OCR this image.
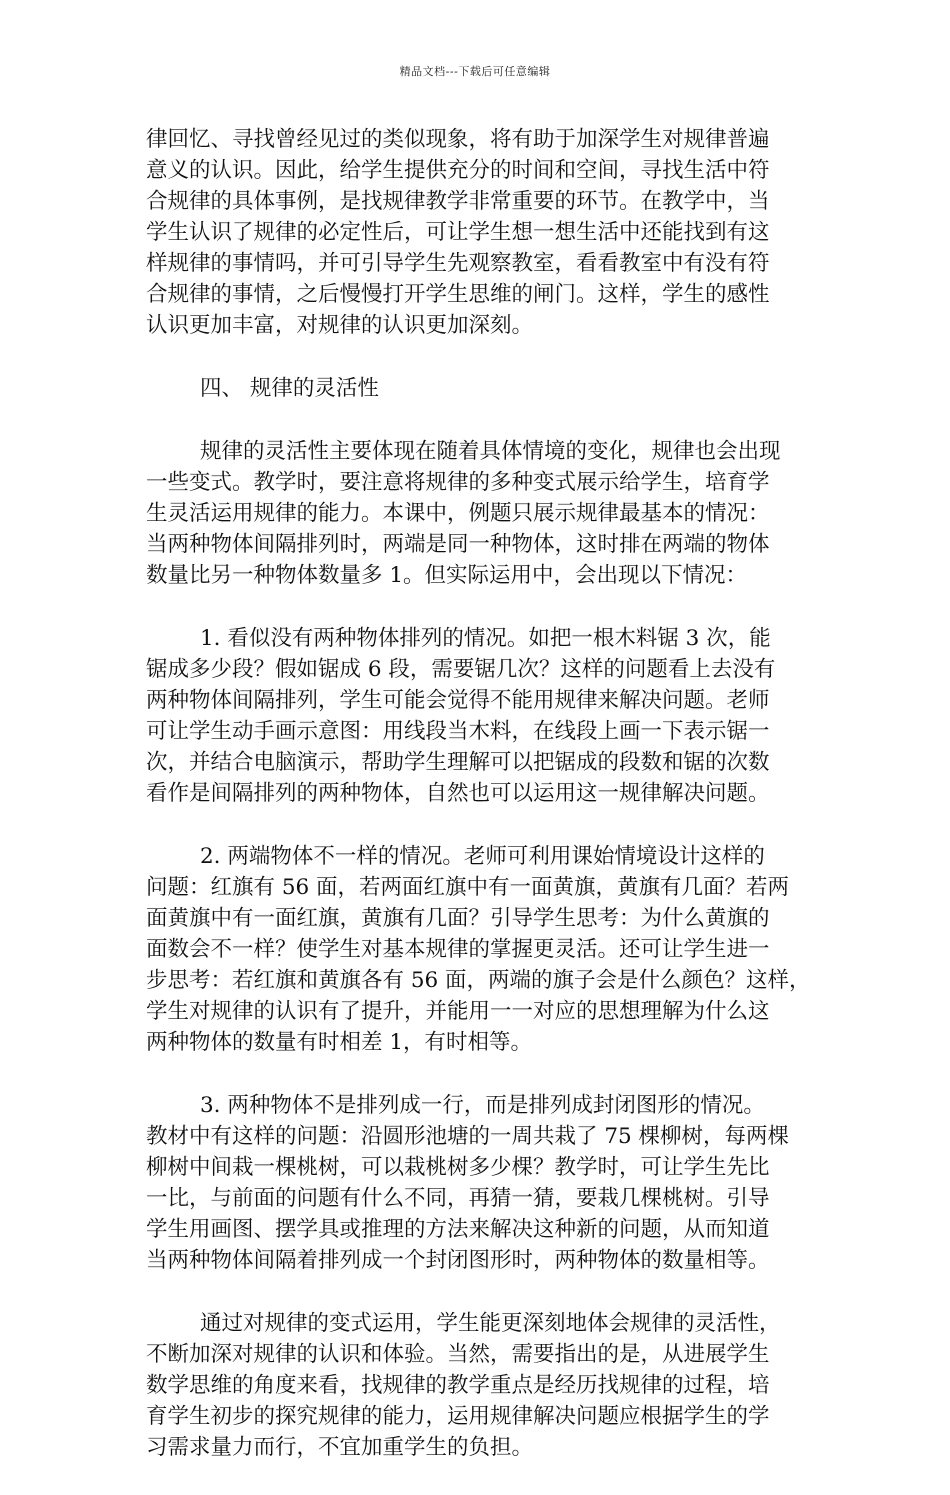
精品文档---下载后可任意编辑
律回忆、寻找曾经见过的类似现象，将有助于加深学生对规律普遍
意义的认识。因此，给学生提供充分的时间和空间，寻找生活中符
合规律的具体事例，是找规律教学非常重要的环节。在教学中，当
学生认识了规律的必定性后，可让学生想一想生活中还能找到有这
样规律的事情吗，并可引导学生先观察教室，看看教室中有没有符
合规律的事情，之后慢慢打开学生思维的闸门。这样，学生的感性
认识更加丰富，对规律的认识更加深刻。
四、 规律的灵活性
规律的灵活性主要体现在随着具体情境的变化，规律也会出现
一些变式。教学时，要注意将规律的多种变式展示给学生，培育学
生灵活运用规律的能力。本课中，例题只展示规律最基本的情况：
当两种物体间隔排列时，两端是同一种物体，这时排在两端的物体
数量比另一种物体数量多 1。但实际运用中，会出现以下情况：
1. 看似没有两种物体排列的情况。如把一根木料锯 3 次，能
锯成多少段？假如锯成 6 段，需要锯几次？这样的问题看上去没有
两种物体间隔排列，学生可能会觉得不能用规律来解决问题。老师
可让学生动手画示意图：用线段当木料，在线段上画一下表示锯一
次，并结合电脑演示，帮助学生理解可以把锯成的段数和锯的次数
看作是间隔排列的两种物体，自然也可以运用这一规律解决问题。
2. 两端物体不一样的情况。老师可利用课始情境设计这样的
问题：红旗有 56 面，若两面红旗中有一面黄旗，黄旗有几面？若两
面黄旗中有一面红旗，黄旗有几面？引导学生思考：为什么黄旗的
面数会不一样？使学生对基本规律的掌握更灵活。还可让学生进一
步思考：若红旗和黄旗各有 56 面，两端的旗子会是什么颜色？这样，
学生对规律的认识有了提升，并能用一一对应的思想理解为什么这
两种物体的数量有时相差 1，有时相等。
3. 两种物体不是排列成一行，而是排列成封闭图形的情况。
教材中有这样的问题：沿圆形池塘的一周共栽了 75 棵柳树，每两棵
柳树中间栽一棵桃树，可以栽桃树多少棵？教学时，可让学生先比
一比，与前面的问题有什么不同，再猜一猜，要栽几棵桃树。引导
学生用画图、摆学具或推理的方法来解决这种新的问题，从而知道
当两种物体间隔着排列成一个封闭图形时，两种物体的数量相等。
通过对规律的变式运用，学生能更深刻地体会规律的灵活性，
不断加深对规律的认识和体验。当然，需要指出的是，从进展学生
数学思维的角度来看，找规律的教学重点是经历找规律的过程，培
育学生初步的探究规律的能力，运用规律解决问题应根据学生的学
习需求量力而行，不宜加重学生的负担。
